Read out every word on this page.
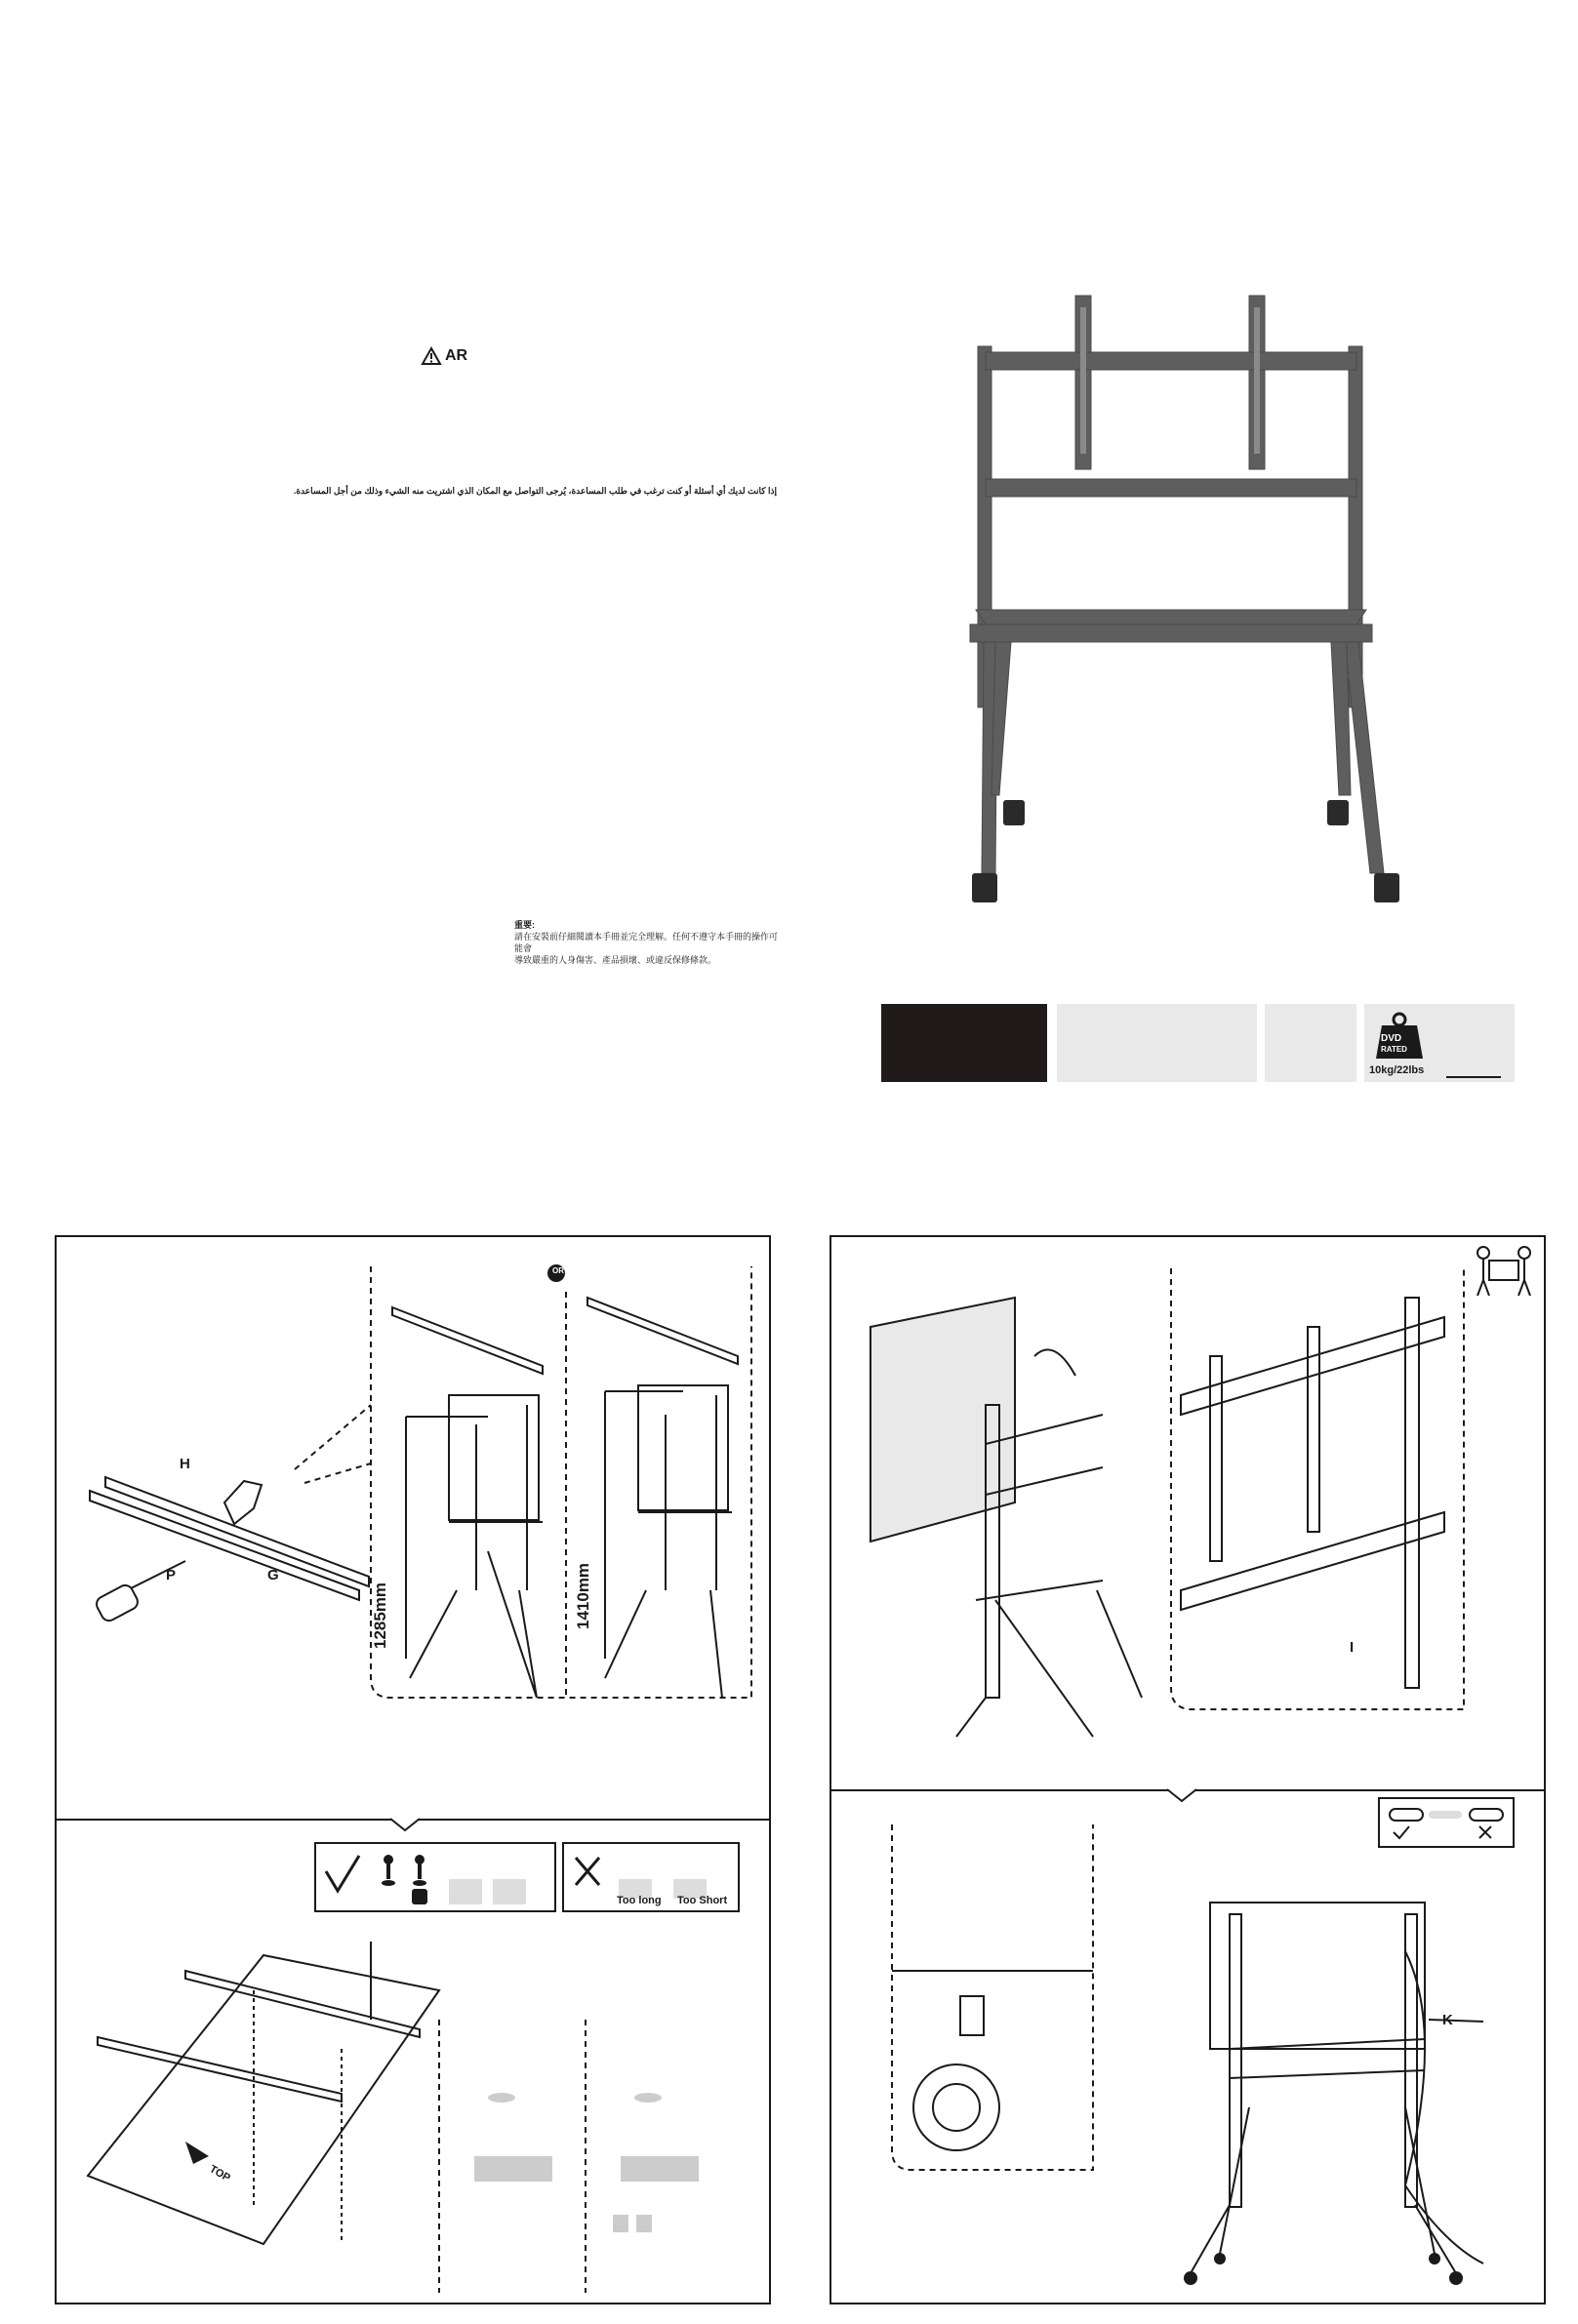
AR
إذا كانت لديك أي أسئلة أو كنت ترغب في طلب المساعدة، يُرجى التواصل مع المكان الذي اشتريت منه الشيء وذلك من أجل المساعدة.
重要:
請在安裝前仔細閱讀本手冊並完全理解。任何不遵守本手冊的操作可能會
導致嚴重的人身傷害、產品損壞、或違反保修條款。
DVD
RATED
10kg/22lbs
OR
H
P	G
1285mm	1410mm
Too long Too Short
TOP
I
K
